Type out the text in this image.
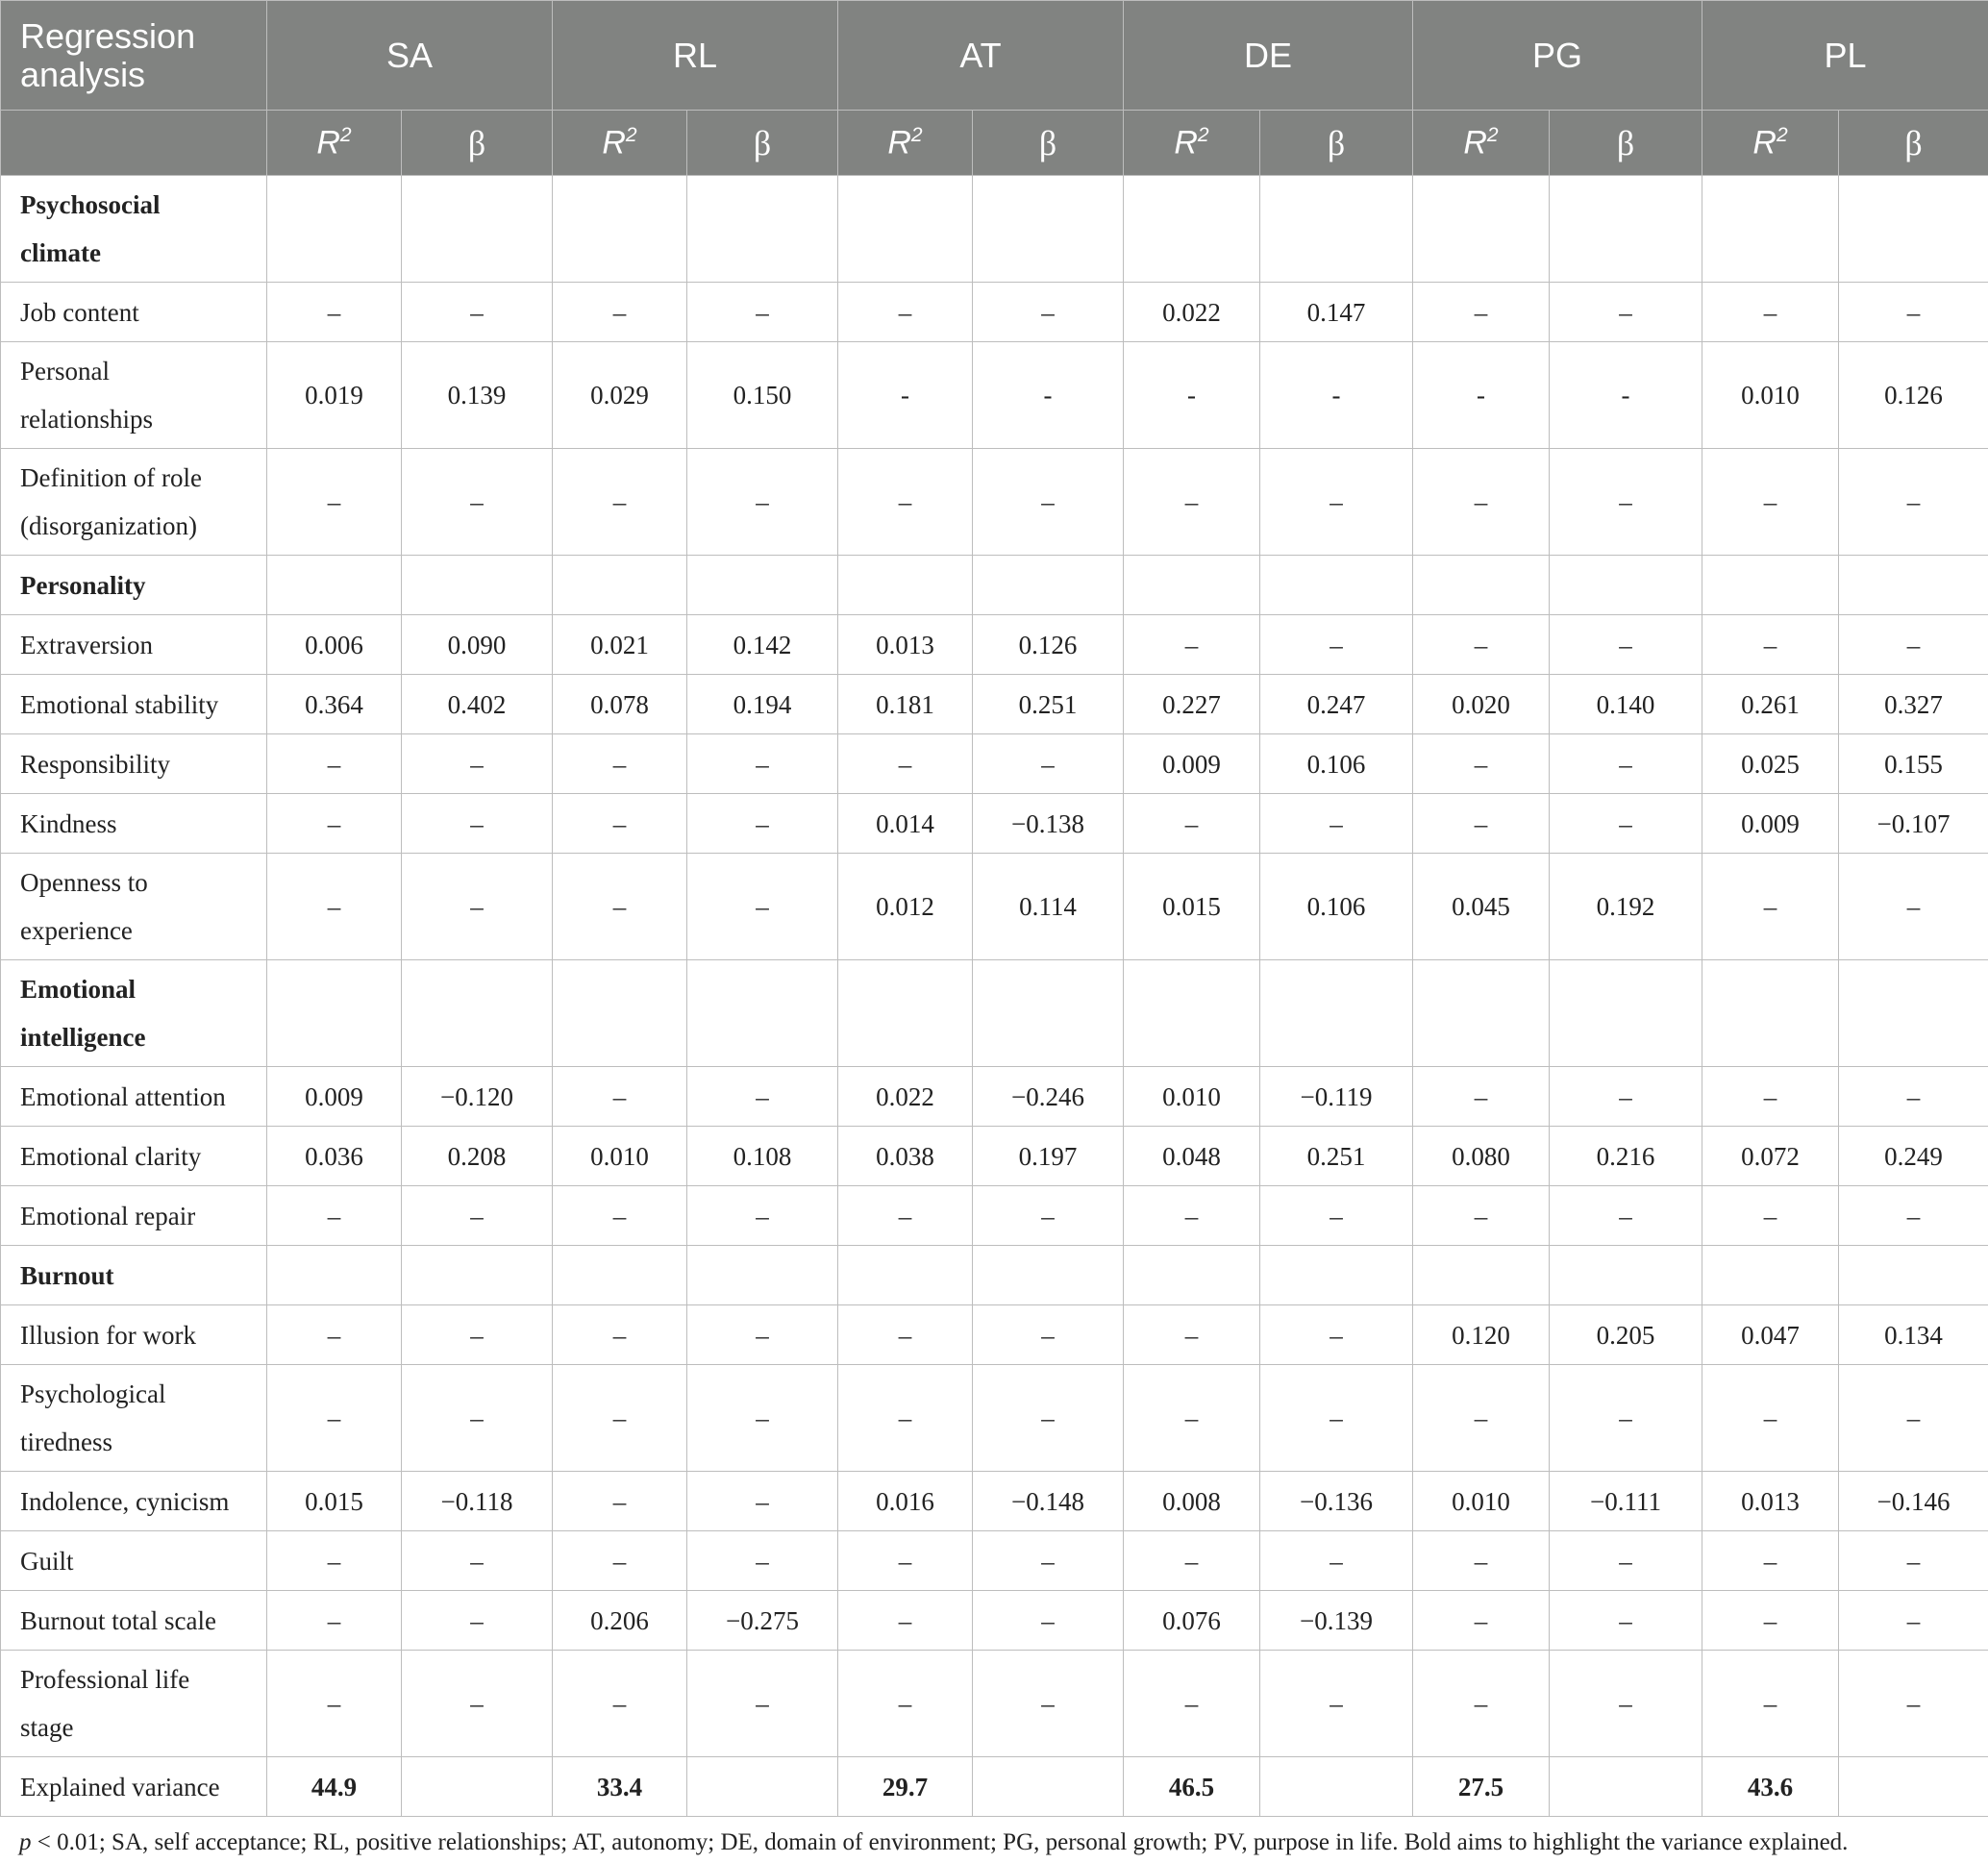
Regression analysis	SA		RL		AT		DE		PG		PL	
	$R^2$	β	$R^2$	β	$R^2$	β	$R^2$	β	$R^2$	β	$R^2$	β
Psychosocial climate												
Job content	–	–	–	–	–	–	0.022	0.147	–	–	–	–
Personal relationships	0.019	0.139	0.029	0.150	-	-	-	-	-	-	0.010	0.126
Definition of role (disorganization)	–	–	–	–	–	–	–	–	–	–	–	–
Personality												
Extraversion	0.006	0.090	0.021	0.142	0.013	0.126	–	–	–	–	–	–
Emotional stability	0.364	0.402	0.078	0.194	0.181	0.251	0.227	0.247	0.020	0.140	0.261	0.327
Responsibility	–	–	–	–	–	–	0.009	0.106	–	–	0.025	0.155
Kindness	–	–	–	–	0.014	−0.138	–	–	–	–	0.009	−0.107
Openness to experience	–	–	–	–	0.012	0.114	0.015	0.106	0.045	0.192	–	–
Emotional intelligence												
Emotional attention	0.009	−0.120	–	–	0.022	−0.246	0.010	−0.119	–	–	–	–
Emotional clarity	0.036	0.208	0.010	0.108	0.038	0.197	0.048	0.251	0.080	0.216	0.072	0.249
Emotional repair	–	–	–	–	–	–	–	–	–	–	–	–
Burnout												
Illusion for work	–	–	–	–	–	–	–	–	0.120	0.205	0.047	0.134
Psychological tiredness	–	–	–	–	–	–	–	–	–	–	–	–
Indolence, cynicism	0.015	−0.118	–	–	0.016	−0.148	0.008	−0.136	0.010	−0.111	0.013	−0.146
Guilt	–	–	–	–	–	–	–	–	–	–	–	–
Burnout total scale	–	–	0.206	−0.275	–	–	0.076	−0.139	–	–	–	–
Professional life stage	–	–	–	–	–	–	–	–	–	–	–	–
Explained variance	44.9		33.4		29.7		46.5		27.5		43.6	
p < 0.01; SA, self acceptance; RL, positive relationships; AT, autonomy; DE, domain of environment; PG, personal growth; PV, purpose in life. Bold aims to highlight the variance explained.
